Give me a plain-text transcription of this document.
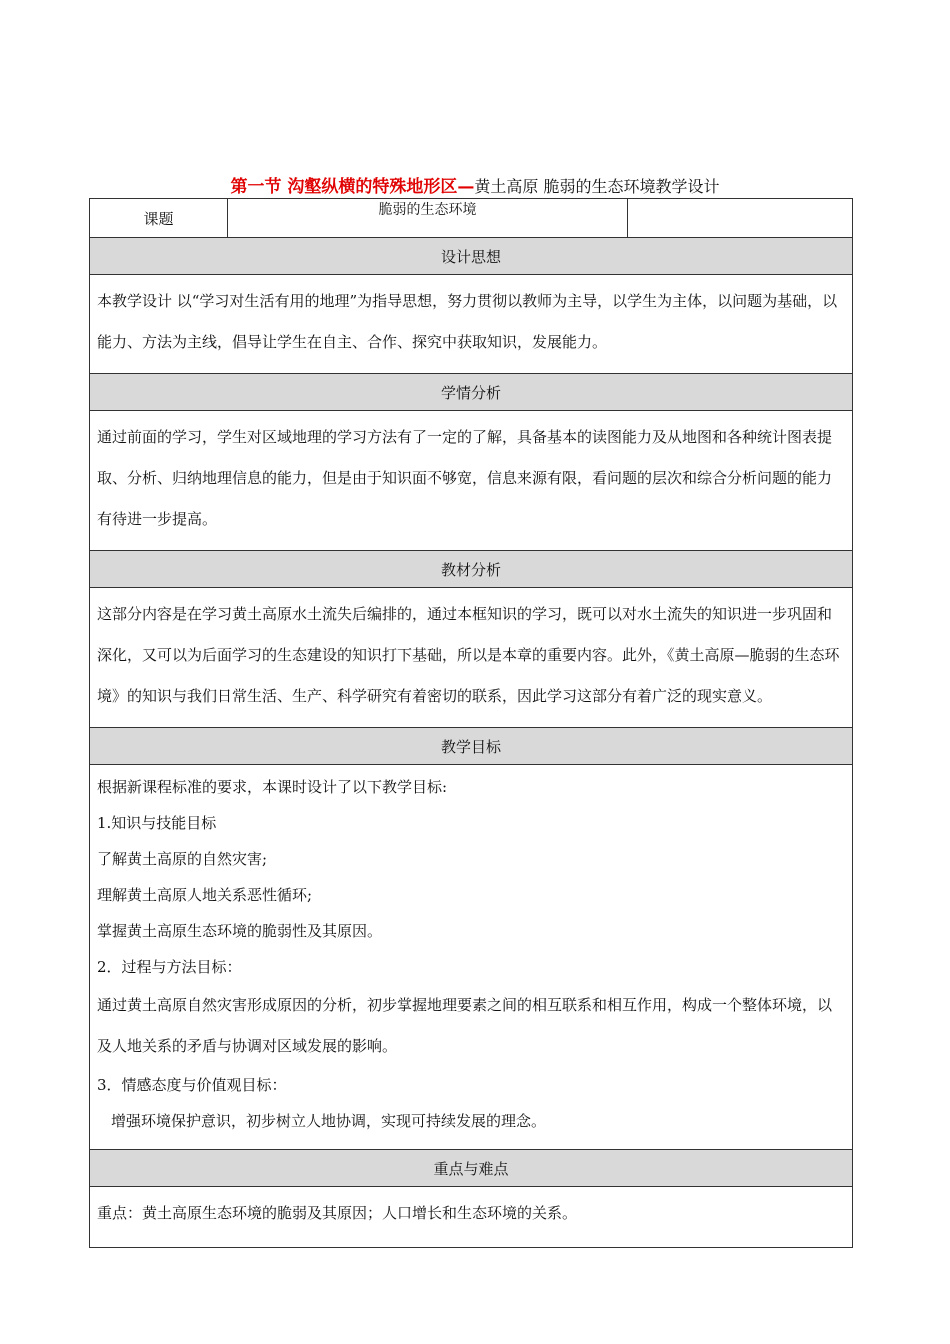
第一节 沟壑纵横的特殊地形区—黄土高原 脆弱的生态环境教学设计
课题	脆弱的生态环境	
设计思想
本教学设计 以“学习对生活有用的地理”为指导思想，努力贯彻以教师为主导，以学生为主体，以问题为基础，以能力、方法为主线，倡导让学生在自主、合作、探究中获取知识，发展能力。
学情分析
通过前面的学习，学生对区域地理的学习方法有了一定的了解，具备基本的读图能力及从地图和各种统计图表提取、分析、归纳地理信息的能力，但是由于知识面不够宽，信息来源有限，看问题的层次和综合分析问题的能力有待进一步提高。
教材分析
这部分内容是在学习黄土高原水土流失后编排的，通过本框知识的学习，既可以对水土流失的知识进一步巩固和深化，又可以为后面学习的生态建设的知识打下基础，所以是本章的重要内容。此外，《黄土高原—脆弱的生态环境》的知识与我们日常生活、生产、科学研究有着密切的联系，因此学习这部分有着广泛的现实意义。
教学目标

根据新课程标准的要求，本课时设计了以下教学目标:

1.知识与技能目标

了解黄土高原的自然灾害;

理解黄土高原人地关系恶性循环;

掌握黄土高原生态环境的脆弱性及其原因。

2．过程与方法目标：

通过黄土高原自然灾害形成原因的分析，初步掌握地理要素之间的相互联系和相互作用，构成一个整体环境，以及人地关系的矛盾与协调对区域发展的影响。

3．情感态度与价值观目标：

增强环境保护意识，初步树立人地协调，实现可持续发展的理念。

重点与难点
重点：黄土高原生态环境的脆弱及其原因；人口增长和生态环境的关系。
